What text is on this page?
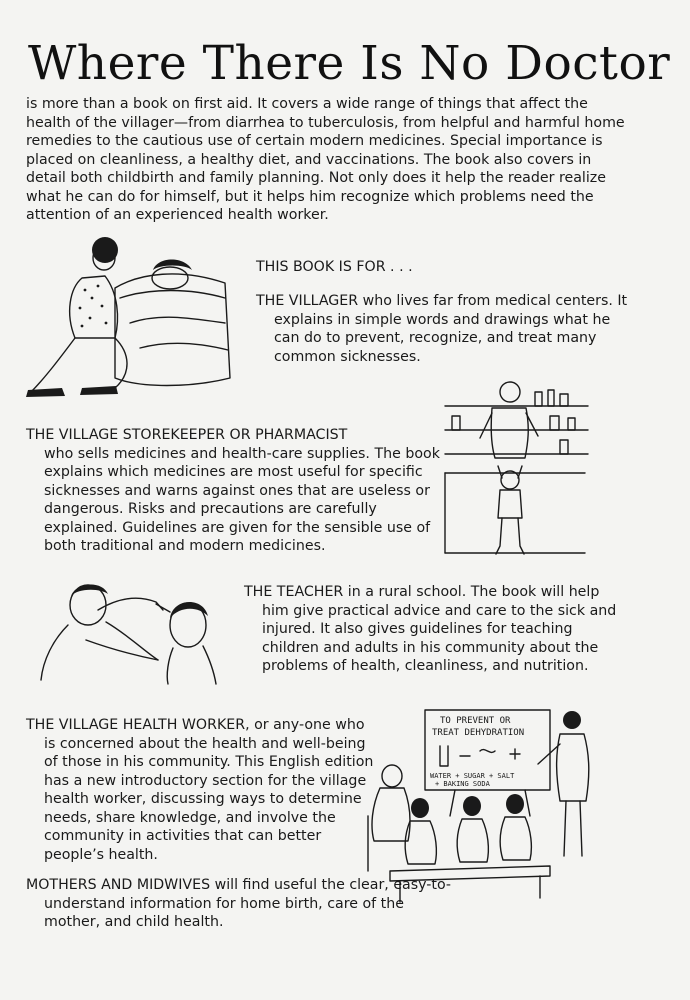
Where There Is No Doctor

is more than a book on first aid. It covers a wide range of things that affect the health of the villager—from diarrhea to tuberculosis, from helpful and harmful home remedies to the cautious use of certain modern medicines. Special importance is placed on cleanliness, a healthy diet, and vaccinations. The book also covers in detail both childbirth and family planning. Not only does it help the reader realize what he can do for himself, but it helps him recognize which problems need the attention of an experienced health worker.

THIS BOOK IS FOR . . .

THE VILLAGER who lives far from medical centers. It explains in simple words and drawings what he can do to prevent, recognize, and treat many common sicknesses.

THE VILLAGE STOREKEEPER OR PHARMACIST
who sells medicines and health-care supplies. The book explains which medicines are most useful for specific sicknesses and warns against ones that are useless or dangerous. Risks and precautions are carefully explained. Guidelines are given for the sensible use of both traditional and modern medicines.

THE TEACHER in a rural school. The book will help him give practical advice and care to the sick and injured. It also gives guidelines for teaching children and adults in his community about the problems of health, cleanliness, and nutrition.

THE VILLAGE HEALTH WORKER, or any-one who is concerned about the health and well-being of those in his community. This English edition has a new introductory section for the village health worker, discussing ways to determine needs, share knowledge, and involve the community in activities that can better people’s health.

TO PREVENT OR
TREAT DEHYDRATION
WATER + SUGAR + SALT
+ BAKING SODA

MOTHERS AND MIDWIVES will find useful the clear, easy-to-understand information for home birth, care of the mother, and child health.
